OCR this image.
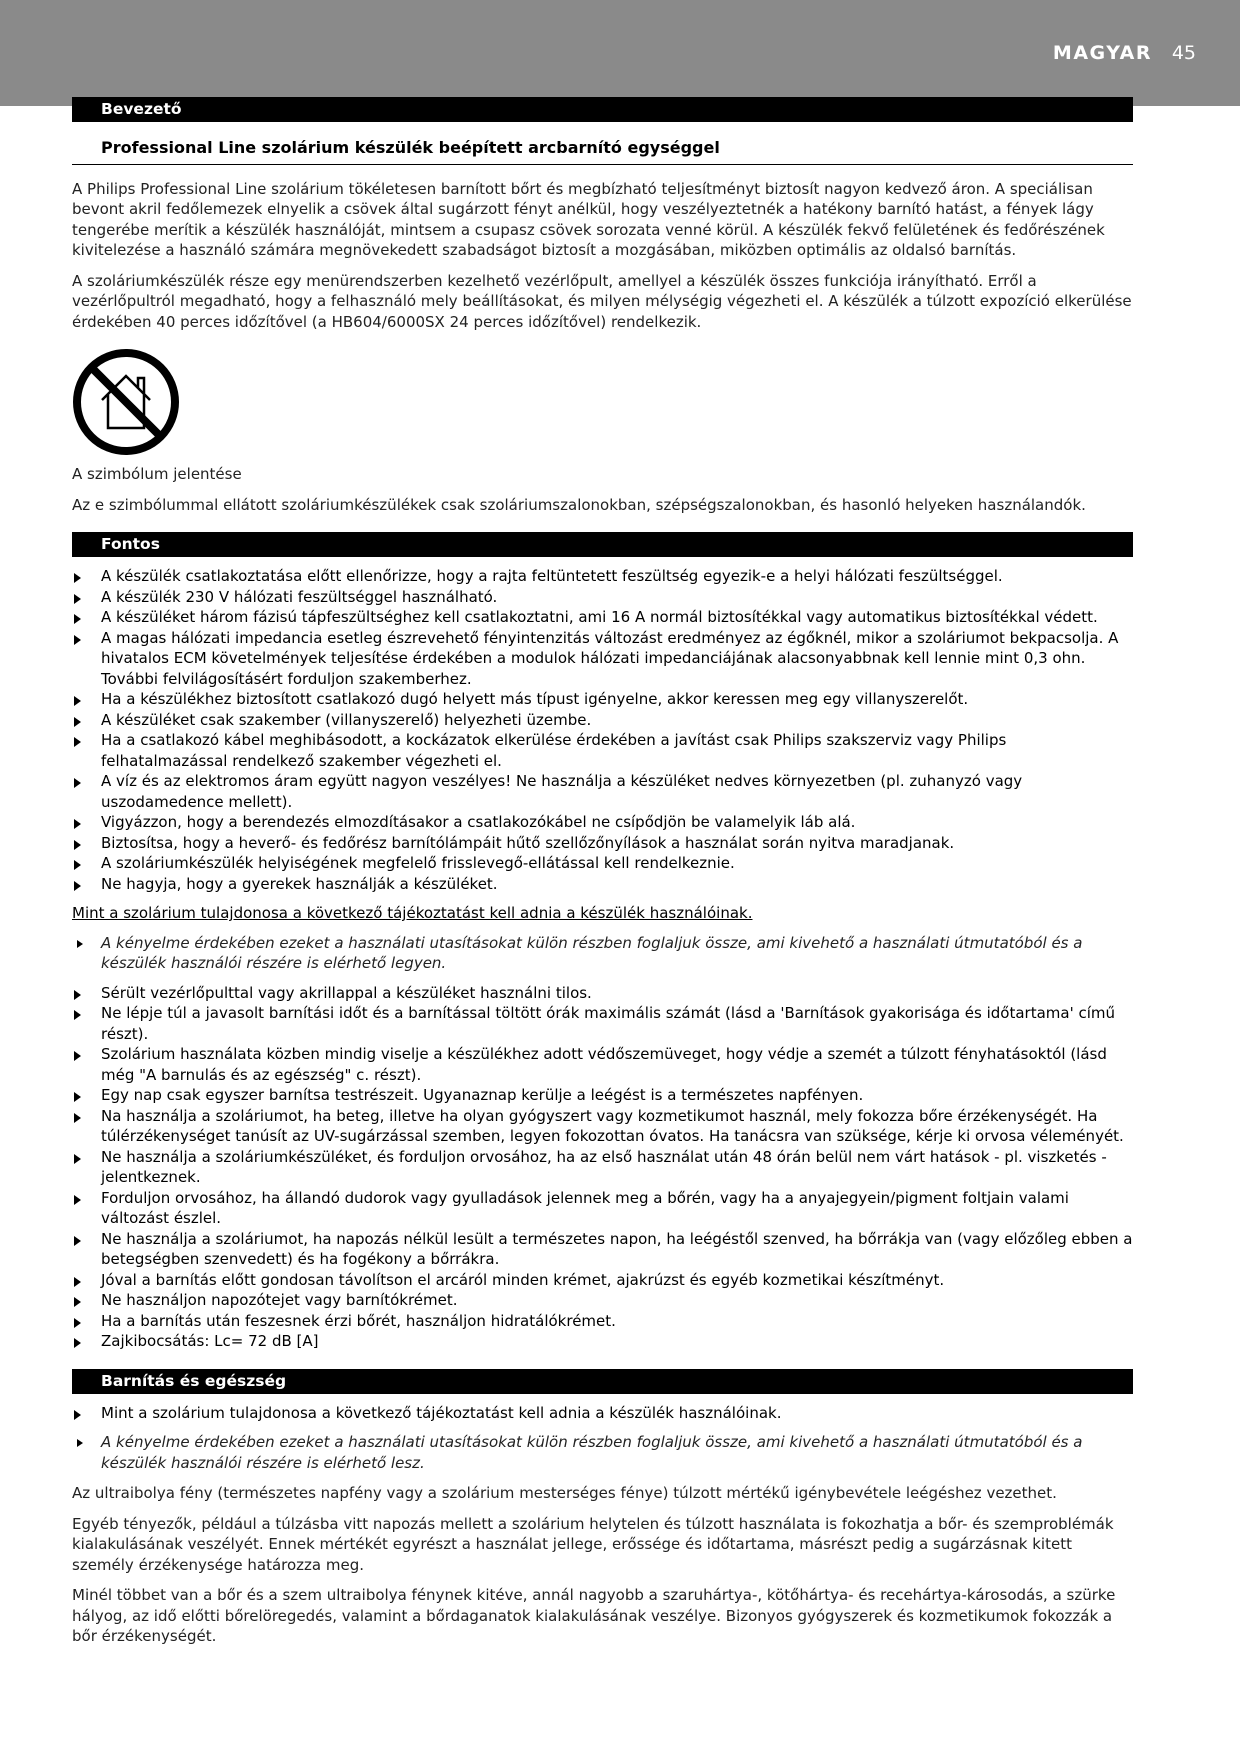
MAGYAR 45
Bevezető
Professional Line szolárium készülék beépített arcbarnító egységgel

A Philips Professional Line szolárium tökéletesen barnított bőrt és megbízható teljesítményt biztosít nagyon kedvező áron. A speciálisan bevont akril fedőlemezek elnyelik a csövek által sugárzott fényt anélkül, hogy veszélyeztetnék a hatékony barnító hatást, a fények lágy tengerébe merítik a készülék használóját, mintsem a csupasz csövek sorozata venné körül. A készülék fekvő felületének és fedőrészének kivitelezése a használó számára megnövekedett szabadságot biztosít a mozgásában, miközben optimális az oldalsó barnítás.

A szoláriumkészülék része egy menürendszerben kezelhető vezérlőpult, amellyel a készülék összes funkciója irányítható. Erről a vezérlőpultról megadható, hogy a felhasználó mely beállításokat, és milyen mélységig végezheti el. A készülék a túlzott expozíció elkerülése érdekében 40 perces időzítővel (a HB604/6000SX 24 perces időzítővel) rendelkezik.

A szimbólum jelentése

Az e szimbólummal ellátott szoláriumkészülékek csak szoláriumszalonokban, szépségszalonokban, és hasonló helyeken használandók.

Fontos
A készülék csatlakoztatása előtt ellenőrizze, hogy a rajta feltüntetett feszültség egyezik-e a helyi hálózati feszültséggel.
A készülék 230 V hálózati feszültséggel használható.
A készüléket három fázisú tápfeszültséghez kell csatlakoztatni, ami 16 A normál biztosítékkal vagy automatikus biztosítékkal védett.
A magas hálózati impedancia esetleg észrevehető fényintenzitás változást eredményez az égőknél, mikor a szoláriumot bekpacsolja. A hivatalos ECM követelmények teljesítése érdekében a modulok hálózati impedanciájának alacsonyabbnak kell lennie mint 0,3 ohn. További felvilágosításért forduljon szakemberhez.
Ha a készülékhez biztosított csatlakozó dugó helyett más típust igényelne, akkor keressen meg egy villanyszerelőt.
A készüléket csak szakember (villanyszerelő) helyezheti üzembe.
Ha a csatlakozó kábel meghibásodott, a kockázatok elkerülése érdekében a javítást csak Philips szakszerviz vagy Philips felhatalmazással rendelkező szakember végezheti el.
A víz és az elektromos áram együtt nagyon veszélyes! Ne használja a készüléket nedves környezetben (pl. zuhanyzó vagy uszodamedence mellett).
Vigyázzon, hogy a berendezés elmozdításakor a csatlakozókábel ne csípődjön be valamelyik láb alá.
Biztosítsa, hogy a heverő- és fedőrész barnítólámpáit hűtő szellőzőnyílások a használat során nyitva maradjanak.
A szoláriumkészülék helyiségének megfelelő frisslevegő-ellátással kell rendelkeznie.
Ne hagyja, hogy a gyerekek használják a készüléket.

Mint a szolárium tulajdonosa a következő tájékoztatást kell adnia a készülék használóinak.

A kényelme érdekében ezeket a használati utasításokat külön részben foglaljuk össze, ami kivehető a használati útmutatóból és a készülék használói részére is elérhető legyen.

Sérült vezérlőpulttal vagy akrillappal a készüléket használni tilos.
Ne lépje túl a javasolt barnítási időt és a barnítással töltött órák maximális számát (lásd a 'Barnítások gyakorisága és időtartama' című részt).
Szolárium használata közben mindig viselje a készülékhez adott védőszemüveget, hogy védje a szemét a túlzott fényhatásoktól (lásd még "A barnulás és az egészség" c. részt).
Egy nap csak egyszer barnítsa testrészeit. Ugyanaznap kerülje a leégést is a természetes napfényen.
Na használja a szoláriumot, ha beteg, illetve ha olyan gyógyszert vagy kozmetikumot használ, mely fokozza bőre érzékenységét. Ha túlérzékenységet tanúsít az UV-sugárzással szemben, legyen fokozottan óvatos. Ha tanácsra van szüksége, kérje ki orvosa véleményét.
Ne használja a szoláriumkészüléket, és forduljon orvosához, ha az első használat után 48 órán belül nem várt hatások - pl. viszketés - jelentkeznek.
Forduljon orvosához, ha állandó dudorok vagy gyulladások jelennek meg a bőrén, vagy ha a anyajegyein/pigment foltjain valami változást észlel.
Ne használja a szoláriumot, ha napozás nélkül lesült a természetes napon, ha leégéstől szenved, ha bőrrákja van (vagy előzőleg ebben a betegségben szenvedett) és ha fogékony a bőrrákra.
Jóval a barnítás előtt gondosan távolítson el arcáról minden krémet, ajakrúzst és egyéb kozmetikai készítményt.
Ne használjon napozótejet vagy barnítókrémet.
Ha a barnítás után feszesnek érzi bőrét, használjon hidratálókrémet.
Zajkibocsátás: Lc= 72 dB [A]
Barnítás és egészség
Mint a szolárium tulajdonosa a következő tájékoztatást kell adnia a készülék használóinak.

A kényelme érdekében ezeket a használati utasításokat külön részben foglaljuk össze, ami kivehető a használati útmutatóból és a készülék használói részére is elérhető lesz.

Az ultraibolya fény (természetes napfény vagy a szolárium mesterséges fénye) túlzott mértékű igénybevétele leégéshez vezethet.

Egyéb tényezők, például a túlzásba vitt napozás mellett a szolárium helytelen és túlzott használata is fokozhatja a bőr- és szemproblémák kialakulásának veszélyét. Ennek mértékét egyrészt a használat jellege, erőssége és időtartama, másrészt pedig a sugárzásnak kitett személy érzékenysége határozza meg.

Minél többet van a bőr és a szem ultraibolya fénynek kitéve, annál nagyobb a szaruhártya-, kötőhártya- és recehártya-károsodás, a szürke hályog, az idő előtti bőrelöregedés, valamint a bőrdaganatok kialakulásának veszélye. Bizonyos gyógyszerek és kozmetikumok fokozzák a bőr érzékenységét.
